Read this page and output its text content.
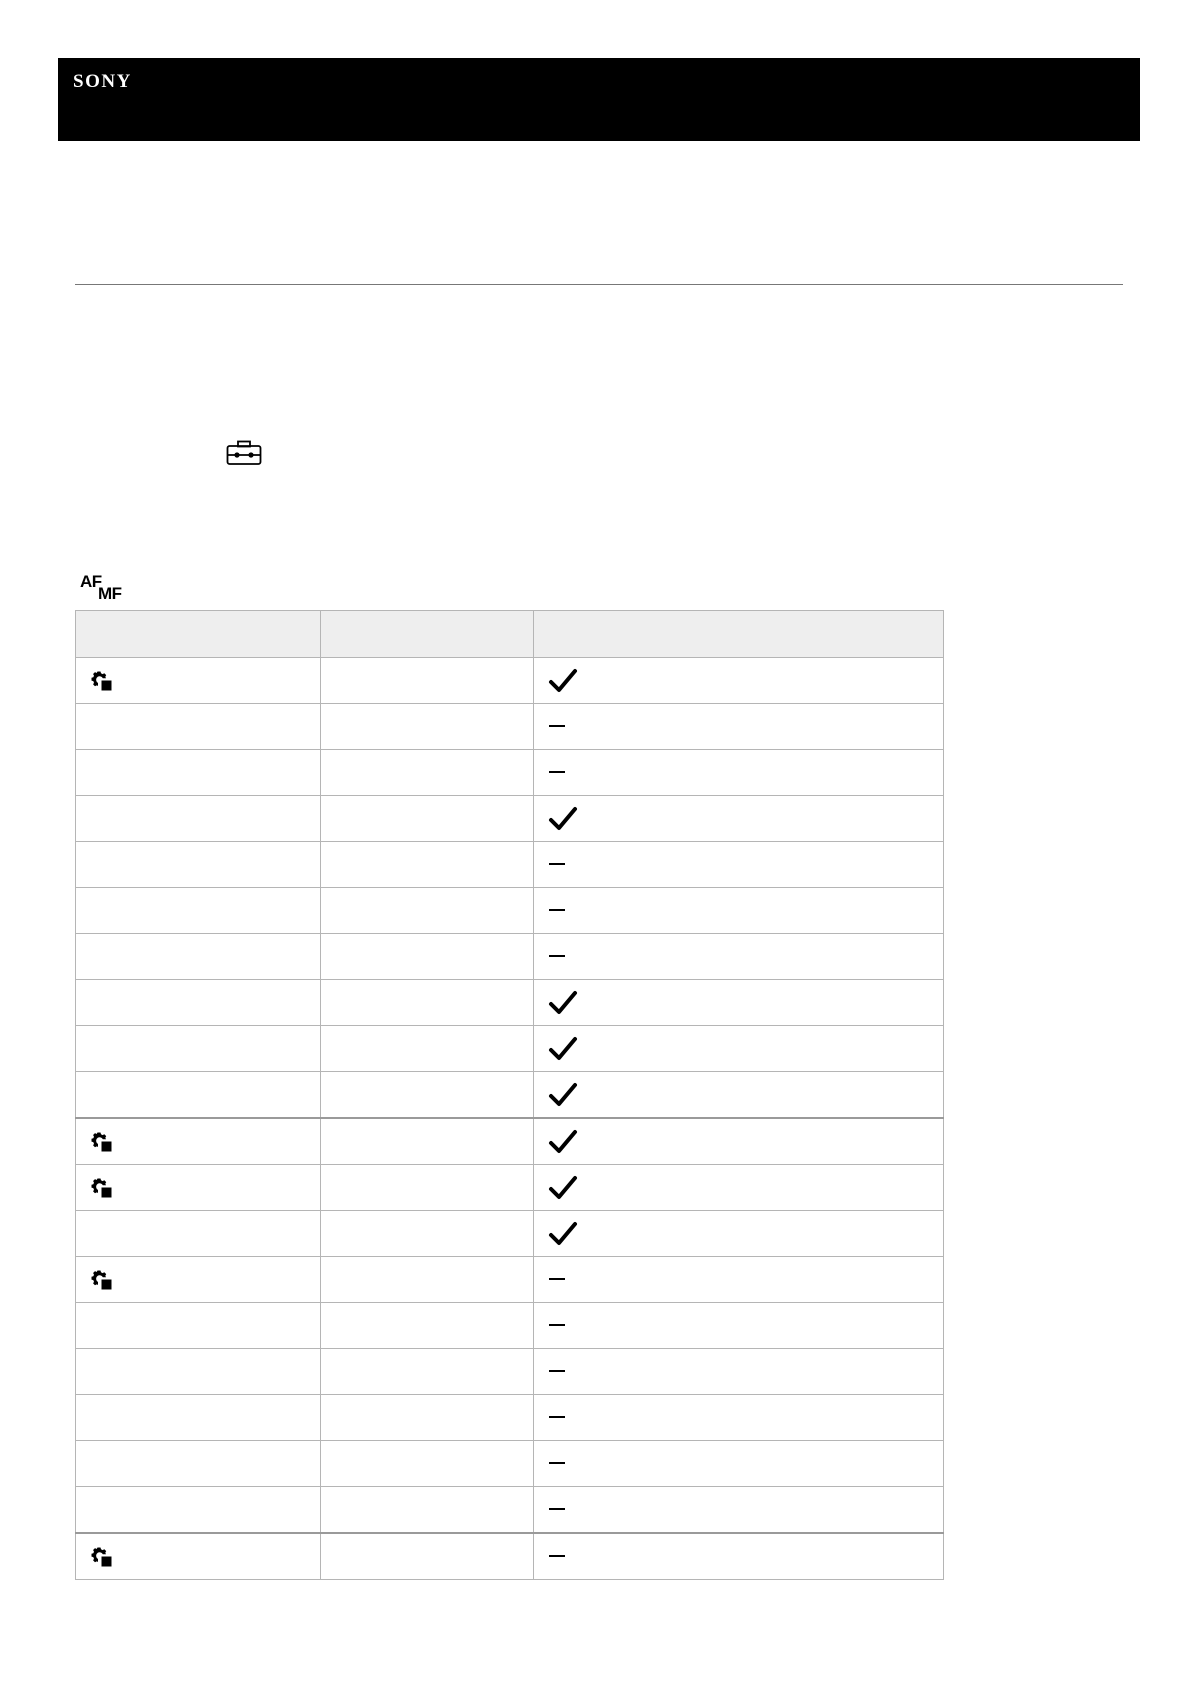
SONY
AF
MF
